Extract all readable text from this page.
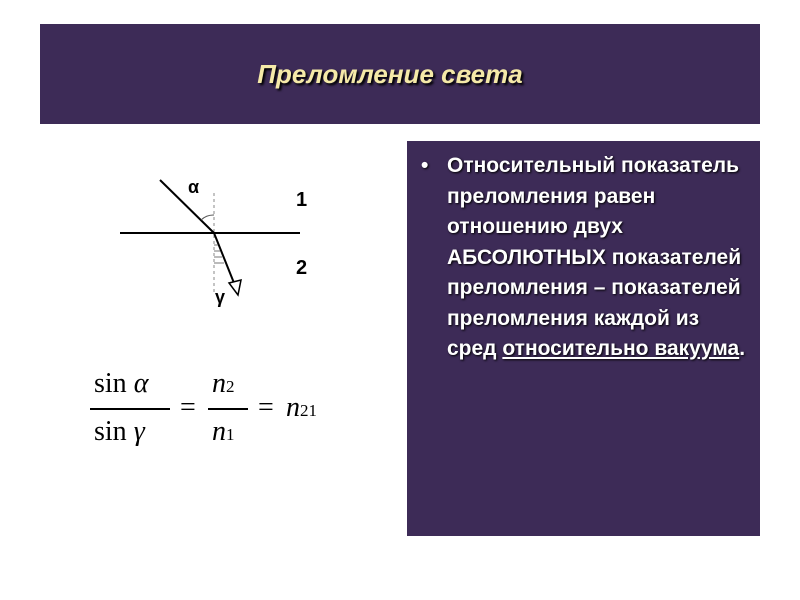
Преломление света
α
γ
1
2
sin α
sin γ
=
n2
n1
= n21
• Относительный показатель преломления равен отношению двух АБСОЛЮТНЫХ показателей преломления – показателей преломления каждой из сред относительно вакуума.
